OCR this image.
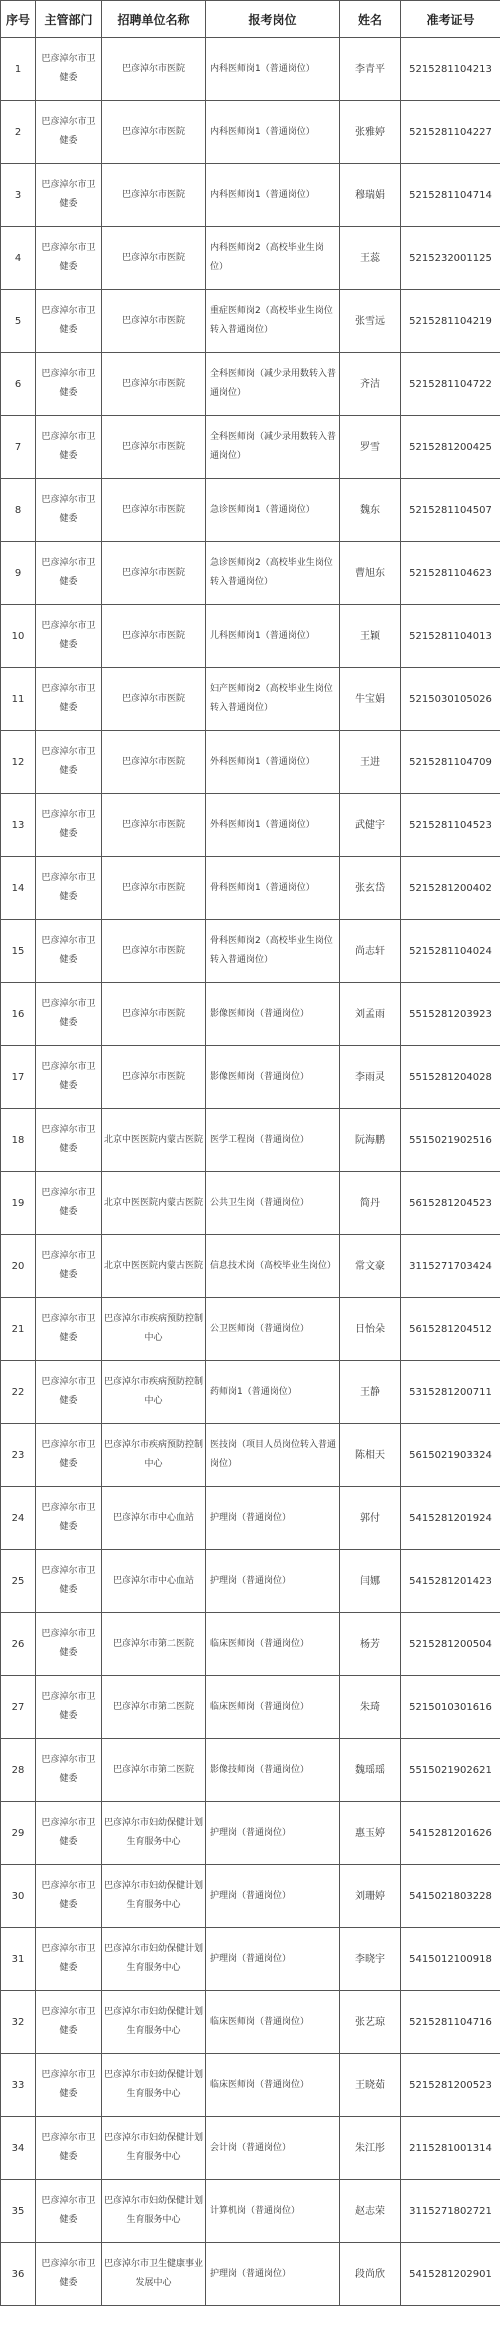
序号	主管部门	招聘单位名称	报考岗位	姓名	准考证号
1	巴彦淖尔市卫健委	巴彦淖尔市医院	内科医师岗1（普通岗位）	李青平	5215281104213
2	巴彦淖尔市卫健委	巴彦淖尔市医院	内科医师岗1（普通岗位）	张雅婷	5215281104227
3	巴彦淖尔市卫健委	巴彦淖尔市医院	内科医师岗1（普通岗位）	穆瑞娟	5215281104714
4	巴彦淖尔市卫健委	巴彦淖尔市医院	内科医师岗2（高校毕业生岗位）	王蕊	5215232001125
5	巴彦淖尔市卫健委	巴彦淖尔市医院	重症医师岗2（高校毕业生岗位转入普通岗位）	张雪远	5215281104219
6	巴彦淖尔市卫健委	巴彦淖尔市医院	全科医师岗（减少录用数转入普通岗位）	齐洁	5215281104722
7	巴彦淖尔市卫健委	巴彦淖尔市医院	全科医师岗（减少录用数转入普通岗位）	罗雪	5215281200425
8	巴彦淖尔市卫健委	巴彦淖尔市医院	急诊医师岗1（普通岗位）	魏东	5215281104507
9	巴彦淖尔市卫健委	巴彦淖尔市医院	急诊医师岗2（高校毕业生岗位转入普通岗位）	曹旭东	5215281104623
10	巴彦淖尔市卫健委	巴彦淖尔市医院	儿科医师岗1（普通岗位）	王颖	5215281104013
11	巴彦淖尔市卫健委	巴彦淖尔市医院	妇产医师岗2（高校毕业生岗位转入普通岗位）	牛宝娟	5215030105026
12	巴彦淖尔市卫健委	巴彦淖尔市医院	外科医师岗1（普通岗位）	王进	5215281104709
13	巴彦淖尔市卫健委	巴彦淖尔市医院	外科医师岗1（普通岗位）	武健宇	5215281104523
14	巴彦淖尔市卫健委	巴彦淖尔市医院	骨科医师岗1（普通岗位）	张玄岱	5215281200402
15	巴彦淖尔市卫健委	巴彦淖尔市医院	骨科医师岗2（高校毕业生岗位转入普通岗位）	尚志轩	5215281104024
16	巴彦淖尔市卫健委	巴彦淖尔市医院	影像医师岗（普通岗位）	刘孟雨	5515281203923
17	巴彦淖尔市卫健委	巴彦淖尔市医院	影像医师岗（普通岗位）	李雨灵	5515281204028
18	巴彦淖尔市卫健委	北京中医医院内蒙古医院	医学工程岗（普通岗位）	阮海鹏	5515021902516
19	巴彦淖尔市卫健委	北京中医医院内蒙古医院	公共卫生岗（普通岗位）	简丹	5615281204523
20	巴彦淖尔市卫健委	北京中医医院内蒙古医院	信息技术岗（高校毕业生岗位）	常文豪	3115271703424
21	巴彦淖尔市卫健委	巴彦淖尔市疾病预防控制中心	公卫医师岗（普通岗位）	日怡朵	5615281204512
22	巴彦淖尔市卫健委	巴彦淖尔市疾病预防控制中心	药师岗1（普通岗位）	王静	5315281200711
23	巴彦淖尔市卫健委	巴彦淖尔市疾病预防控制中心	医技岗（项目人员岗位转入普通岗位）	陈相天	5615021903324
24	巴彦淖尔市卫健委	巴彦淖尔市中心血站	护理岗（普通岗位）	郭付	5415281201924
25	巴彦淖尔市卫健委	巴彦淖尔市中心血站	护理岗（普通岗位）	闫娜	5415281201423
26	巴彦淖尔市卫健委	巴彦淖尔市第二医院	临床医师岗（普通岗位）	杨芳	5215281200504
27	巴彦淖尔市卫健委	巴彦淖尔市第二医院	临床医师岗（普通岗位）	朱琦	5215010301616
28	巴彦淖尔市卫健委	巴彦淖尔市第二医院	影像技师岗（普通岗位）	魏瑶瑶	5515021902621
29	巴彦淖尔市卫健委	巴彦淖尔市妇幼保健计划生育服务中心	护理岗（普通岗位）	惠玉婷	5415281201626
30	巴彦淖尔市卫健委	巴彦淖尔市妇幼保健计划生育服务中心	护理岗（普通岗位）	刘珊婷	5415021803228
31	巴彦淖尔市卫健委	巴彦淖尔市妇幼保健计划生育服务中心	护理岗（普通岗位）	李晓宇	5415012100918
32	巴彦淖尔市卫健委	巴彦淖尔市妇幼保健计划生育服务中心	临床医师岗（普通岗位）	张艺琼	5215281104716
33	巴彦淖尔市卫健委	巴彦淖尔市妇幼保健计划生育服务中心	临床医师岗（普通岗位）	王晓茹	5215281200523
34	巴彦淖尔市卫健委	巴彦淖尔市妇幼保健计划生育服务中心	会计岗（普通岗位）	朱江彤	2115281001314
35	巴彦淖尔市卫健委	巴彦淖尔市妇幼保健计划生育服务中心	计算机岗（普通岗位）	赵志荣	3115271802721
36	巴彦淖尔市卫健委	巴彦淖尔市卫生健康事业发展中心	护理岗（普通岗位）	段尚欣	5415281202901
